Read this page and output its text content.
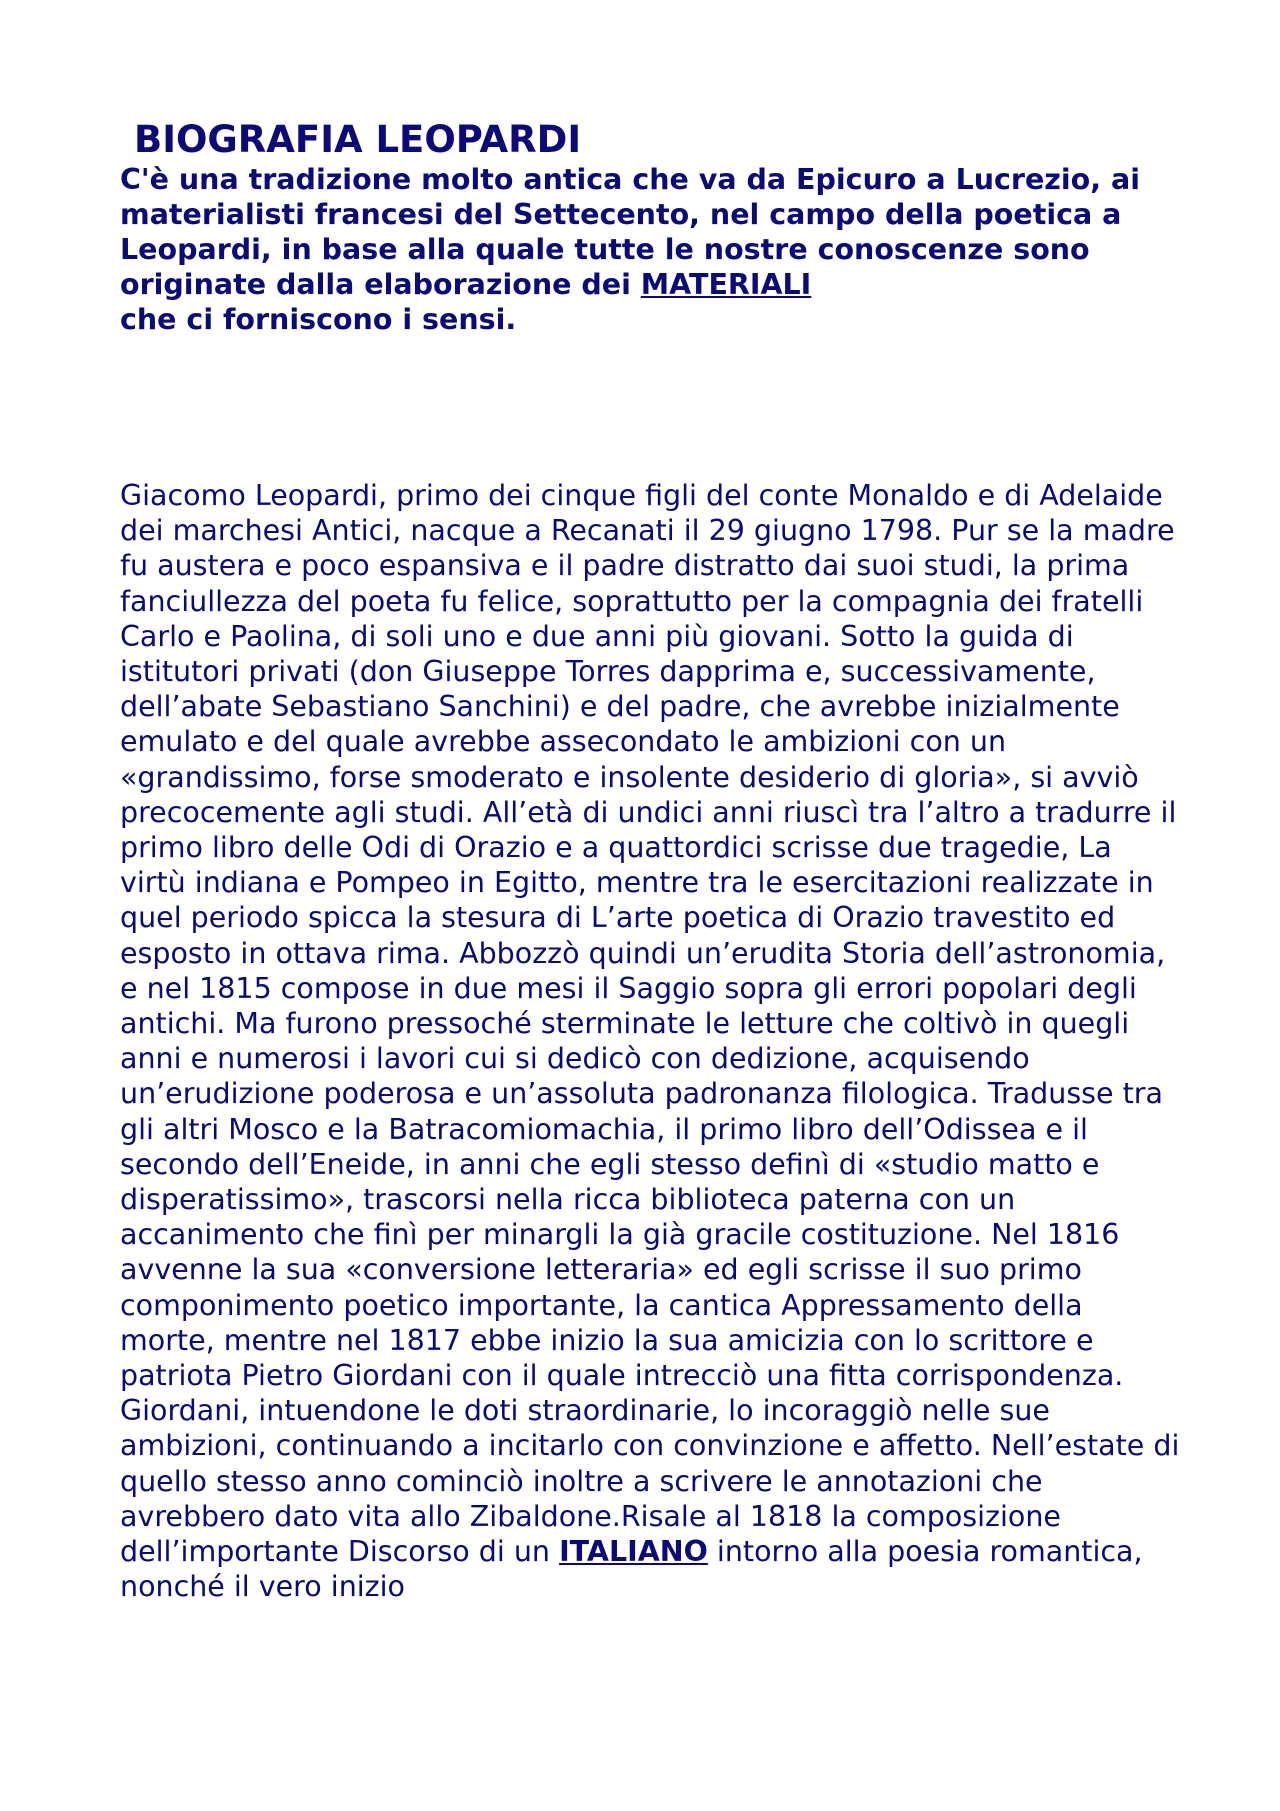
BIOGRAFIA LEOPARDI

C'è una tradizione molto antica che va da Epicuro a Lucrezio, ai materialisti francesi del Settecento, nel campo della poetica a Leopardi, in base alla quale tutte le nostre conoscenze sono originate dalla elaborazione dei MATERIALI
che ci forniscono i sensi.

Giacomo Leopardi, primo dei cinque figli del conte Monaldo e di Adelaide dei marchesi Antici, nacque a Recanati il 29 giugno 1798. Pur se la madre fu austera e poco espansiva e il padre distratto dai suoi studi, la prima fanciullezza del poeta fu felice, soprattutto per la compagnia dei fratelli Carlo e Paolina, di soli uno e due anni più giovani. Sotto la guida di istitutori privati (don Giuseppe Torres dapprima e, successivamente, dell’abate Sebastiano Sanchini) e del padre, che avrebbe inizialmente emulato e del quale avrebbe assecondato le ambizioni con un «grandissimo, forse smoderato e insolente desiderio di gloria», si avviò precocemente agli studi. All’età di undici anni riuscì tra l’altro a tradurre il primo libro delle Odi di Orazio e a quattordici scrisse due tragedie, La virtù indiana e Pompeo in Egitto, mentre tra le esercitazioni realizzate in quel periodo spicca la stesura di L’arte poetica di Orazio travestito ed esposto in ottava rima. Abbozzò quindi un’erudita Storia dell’astronomia, e nel 1815 compose in due mesi il Saggio sopra gli errori popolari degli antichi. Ma furono pressoché sterminate le letture che coltivò in quegli anni e numerosi i lavori cui si dedicò con dedizione, acquisendo un’erudizione poderosa e un’assoluta padronanza filologica. Tradusse tra gli altri Mosco e la Batracomiomachia, il primo libro dell’Odissea e il secondo dell’Eneide, in anni che egli stesso definì di «studio matto e disperatissimo», trascorsi nella ricca biblioteca paterna con un accanimento che finì per minargli la già gracile costituzione. Nel 1816 avvenne la sua «conversione letteraria» ed egli scrisse il suo primo componimento poetico importante, la cantica Appressamento della morte, mentre nel 1817 ebbe inizio la sua amicizia con lo scrittore e patriota Pietro Giordani con il quale intrecciò una fitta corrispondenza. Giordani, intuendone le doti straordinarie, lo incoraggiò nelle sue ambizioni, continuando a incitarlo con convinzione e affetto. Nell’estate di quello stesso anno cominciò inoltre a scrivere le annotazioni che avrebbero dato vita allo Zibaldone.Risale al 1818 la composizione dell’importante Discorso di un ITALIANO intorno alla poesia romantica, nonché il vero inizio
